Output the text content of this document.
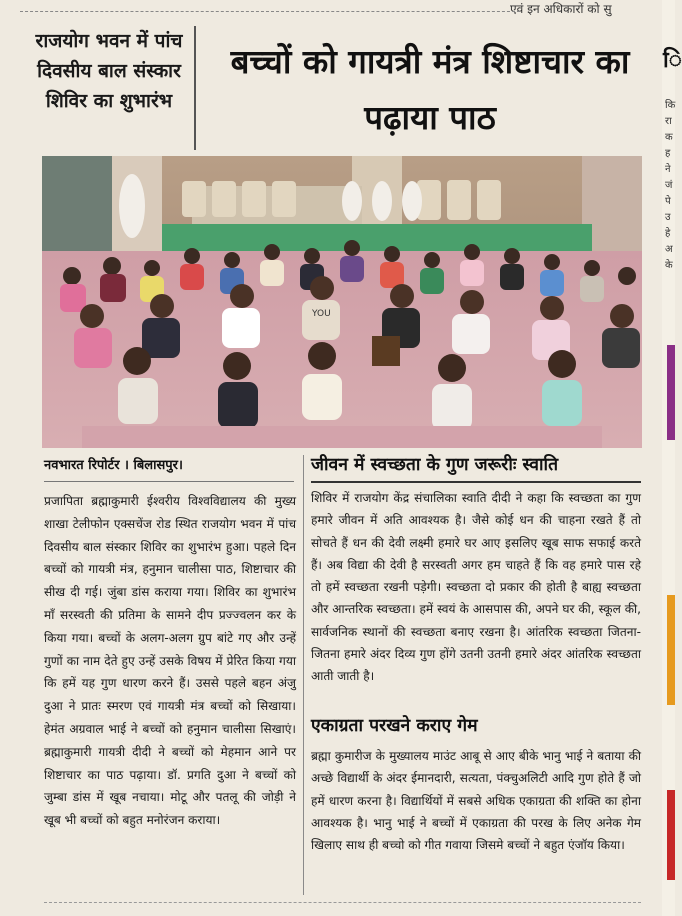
एवं इन अधिकारों को सु
राजयोग भवन में पांच दिवसीय बाल संस्कार शिविर का शुभारंभ
बच्चों को गायत्री मंत्र शिष्टाचार का पढ़ाया पाठ
YOU
ि
कि रा क ह ने जं पे उ हे अ के
नवभारत रिपोर्टर । बिलासपुर।
प्रजापिता ब्रह्माकुमारी ईश्वरीय विश्वविद्यालय की मुख्य शाखा टेलीफोन एक्सचेंज रोड स्थित राजयोग भवन में पांच दिवसीय बाल संस्कार शिविर का शुभारंभ हुआ। पहले दिन बच्चों को गायत्री मंत्र, हनुमान चालीसा पाठ, शिष्टाचार की सीख दी गई। जुंबा डांस कराया गया। शिविर का शुभारंभ माँ सरस्वती की प्रतिमा के सामने दीप प्रज्ज्वलन कर के किया गया। बच्चों के अलग-अलग ग्रुप बांटे गए और उन्हें गुणों का नाम देते हुए उन्हें उसके विषय में प्रेरित किया गया कि हमें यह गुण धारण करने हैं। उससे पहले बहन अंजु दुआ ने प्रातः स्मरण एवं गायत्री मंत्र बच्चों को सिखाया। हेमंत अग्रवाल भाई ने बच्चों को हनुमान चालीसा सिखाएं। ब्रह्माकुमारी गायत्री दीदी ने बच्चों को मेहमान आने पर शिष्टाचार का पाठ पढ़ाया। डॉ. प्रगति दुआ ने बच्चों को जुम्बा डांस में खूब नचाया। मोटू और पतलू की जोड़ी ने खूब भी बच्चों को बहुत मनोरंजन कराया।
जीवन में स्वच्छता के गुण जरूरीः स्वाति
शिविर में राजयोग केंद्र संचालिका स्वाति दीदी ने कहा कि स्वच्छता का गुण हमारे जीवन में अति आवश्यक है। जैसे कोई धन की चाहना रखते हैं तो सोचते हैं धन की देवी लक्ष्मी हमारे घर आए इसलिए खूब साफ सफाई करते हैं। अब विद्या की देवी है सरस्वती अगर हम चाहते हैं कि वह हमारे पास रहे तो हमें स्वच्छता रखनी पड़ेगी। स्वच्छता दो प्रकार की होती है बाह्य स्वच्छता और आन्तरिक स्वच्छता। हमें स्वयं के आसपास की, अपने घर की, स्कूल की, सार्वजनिक स्थानों की स्वच्छता बनाए रखना है। आंतरिक स्वच्छता जितना-जितना हमारे अंदर दिव्य गुण होंगे उतनी उतनी हमारे अंदर आंतरिक स्वच्छता आती जाती है।
एकाग्रता परखने कराए गेम
ब्रह्मा कुमारीज के मुख्यालय माउंट आबू से आए बीके भानु भाई ने बताया की अच्छे विद्यार्थी के अंदर ईमानदारी, सत्यता, पंक्चुअलिटी आदि गुण होते हैं जो हमें धारण करना है। विद्यार्थियों में सबसे अधिक एकाग्रता की शक्ति का होना आवश्यक है। भानु भाई ने बच्चों में एकाग्रता की परख के लिए अनेक गेम खिलाए साथ ही बच्चो को गीत गवाया जिसमे बच्चों ने बहुत एंजॉय किया।
